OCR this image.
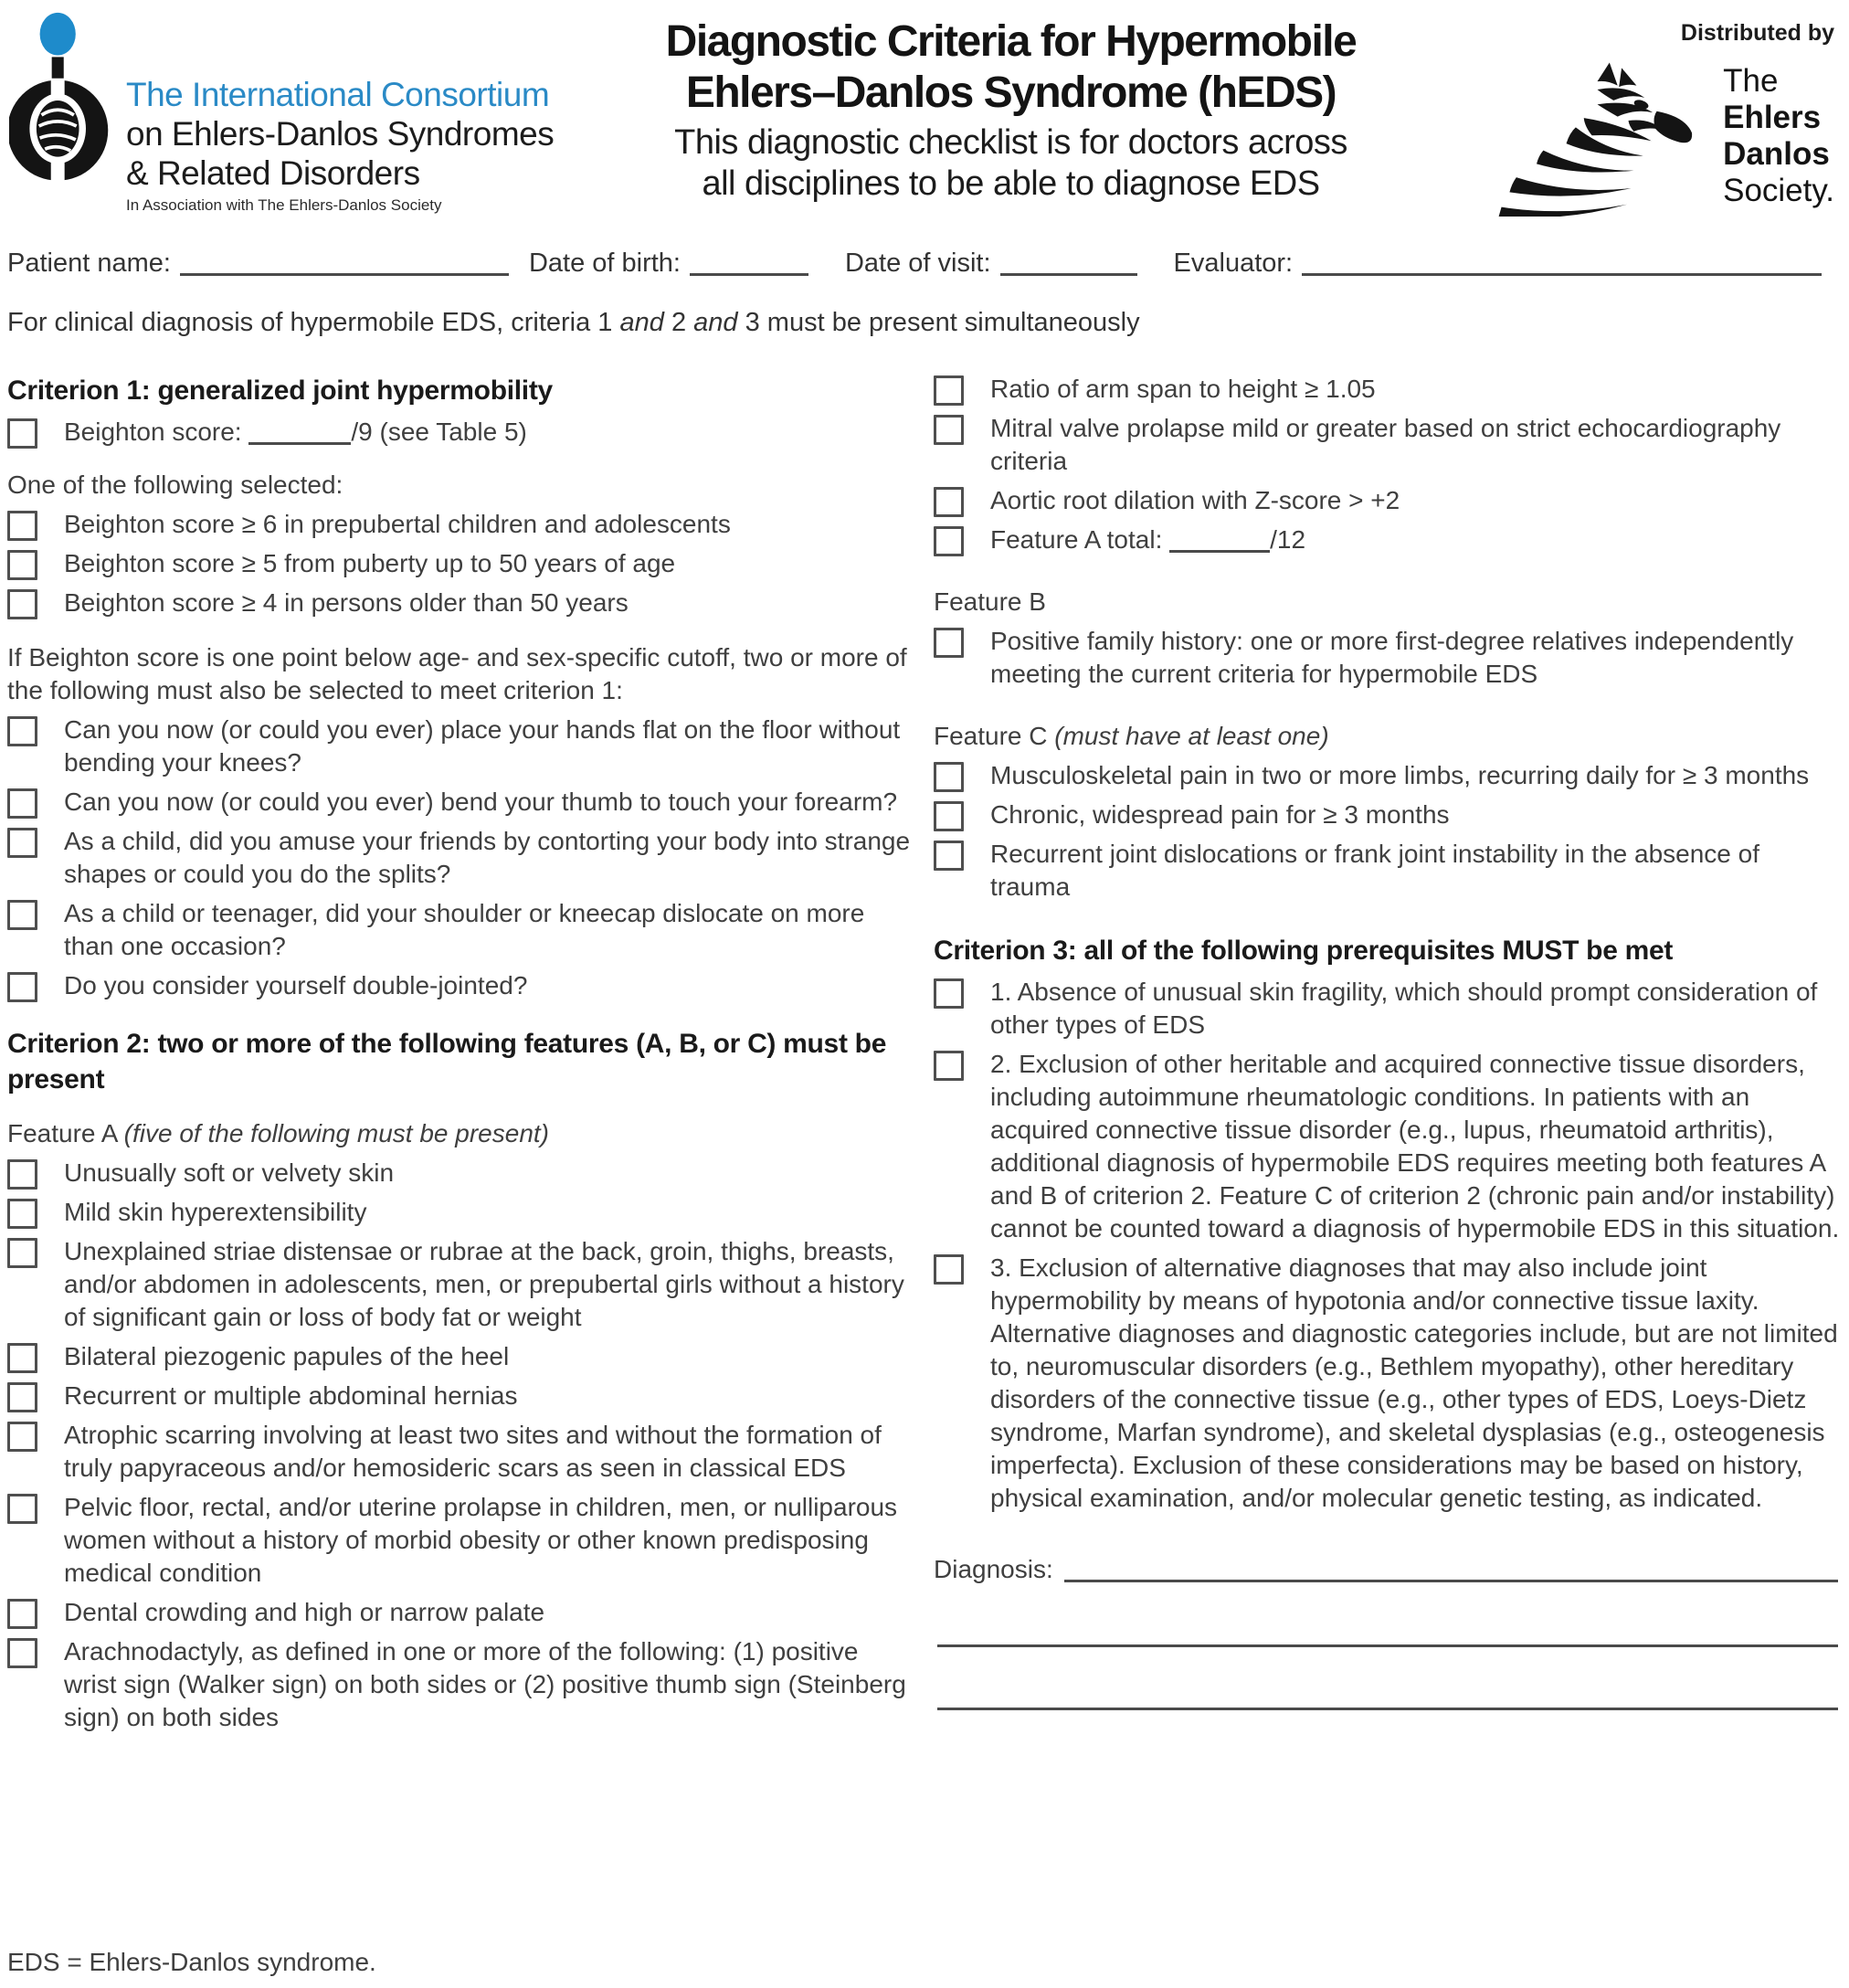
The International Consortium
on Ehlers-Danlos Syndromes
& Related Disorders
In Association with The Ehlers-Danlos Society
Diagnostic Criteria for Hypermobile
Ehlers–Danlos Syndrome (hEDS)
This diagnostic checklist is for doctors across
all disciplines to be able to diagnose EDS
Distributed by
The
Ehlers
Danlos
Society.
Patient name:	Date of birth:	Date of visit:	Evaluator:
For clinical diagnosis of hypermobile EDS, criteria 1 and 2 and 3 must be present simultaneously
Criterion 1: generalized joint hypermobility
Beighton score:	/9 (see Table 5)
One of the following selected:
Beighton score ≥ 6 in prepubertal children and adolescents
Beighton score ≥ 5 from puberty up to 50 years of age
Beighton score ≥ 4 in persons older than 50 years
If Beighton score is one point below age- and sex-specific cutoff, two or more of the following must also be selected to meet criterion 1:
Can you now (or could you ever) place your hands flat on the floor without bending your knees?
Can you now (or could you ever) bend your thumb to touch your forearm?
As a child, did you amuse your friends by contorting your body into strange shapes or could you do the splits?
As a child or teenager, did your shoulder or kneecap dislocate on more than one occasion?
Do you consider yourself double-jointed?
Criterion 2: two or more of the following features (A, B, or C) must be present
Feature A (five of the following must be present)
Unusually soft or velvety skin
Mild skin hyperextensibility
Unexplained striae distensae or rubrae at the back, groin, thighs, breasts, and/or abdomen in adolescents, men, or prepubertal girls without a history of significant gain or loss of body fat or weight
Bilateral piezogenic papules of the heel
Recurrent or multiple abdominal hernias
Atrophic scarring involving at least two sites and without the formation of truly papyraceous and/or hemosideric scars as seen in classical EDS
Pelvic floor, rectal, and/or uterine prolapse in children, men, or nulliparous women without a history of morbid obesity or other known predisposing medical condition
Dental crowding and high or narrow palate
Arachnodactyly, as defined in one or more of the following: (1) positive wrist sign (Walker sign) on both sides or (2) positive thumb sign (Steinberg sign) on both sides
Ratio of arm span to height ≥ 1.05
Mitral valve prolapse mild or greater based on strict echocardiography criteria
Aortic root dilation with Z-score > +2
Feature A total:	/12
Feature B
Positive family history: one or more first-degree relatives independently meeting the current criteria for hypermobile EDS
Feature C (must have at least one)
Musculoskeletal pain in two or more limbs, recurring daily for ≥ 3 months
Chronic, widespread pain for ≥ 3 months
Recurrent joint dislocations or frank joint instability in the absence of trauma
Criterion 3: all of the following prerequisites MUST be met
1. Absence of unusual skin fragility, which should prompt consideration of other types of EDS
2. Exclusion of other heritable and acquired connective tissue disorders, including autoimmune rheumatologic conditions. In patients with an acquired connective tissue disorder (e.g., lupus, rheumatoid arthritis), additional diagnosis of hypermobile EDS requires meeting both features A and B of criterion 2. Feature C of criterion 2 (chronic pain and/or instability) cannot be counted toward a diagnosis of hypermobile EDS in this situation.
3. Exclusion of alternative diagnoses that may also include joint hypermobility by means of hypotonia and/or connective tissue laxity. Alternative diagnoses and diagnostic categories include, but are not limited to, neuromuscular disorders (e.g., Bethlem myopathy), other hereditary disorders of the connective tissue (e.g., other types of EDS, Loeys-Dietz syndrome, Marfan syndrome), and skeletal dysplasias (e.g., osteogenesis imperfecta). Exclusion of these considerations may be based on history, physical examination, and/or molecular genetic testing, as indicated.
Diagnosis:
EDS = Ehlers-Danlos syndrome.
